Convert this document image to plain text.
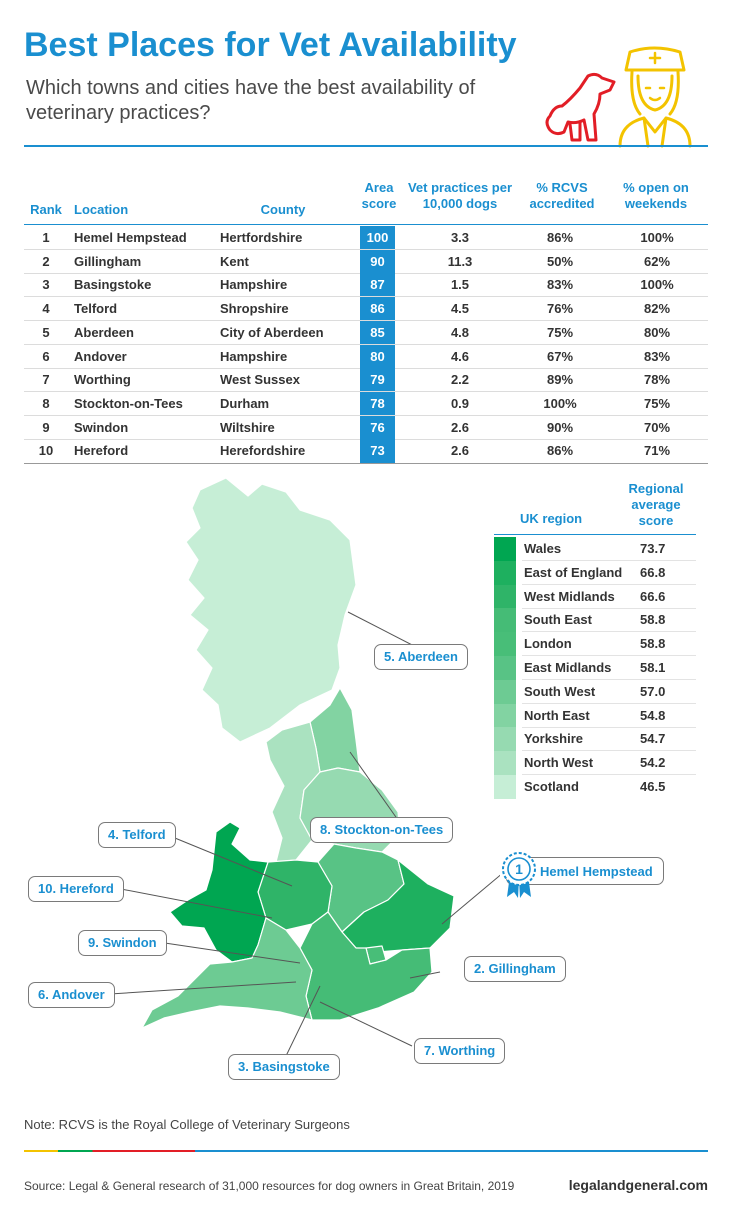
Best Places for Vet Availability
Which towns and cities have the best availability of veterinary practices?
Rank Location	County
Area score
Vet practices per 10,000 dogs
% RCVS accredited
% open on weekends
1	Hemel Hempstead	Hertfordshire	100	3.3	86%	100%
2	Gillingham	Kent	90	11.3	50%	62%
3	Basingstoke	Hampshire	87	1.5	83%	100%
4	Telford	Shropshire	86	4.5	76%	82%
5	Aberdeen	City of Aberdeen	85	4.8	75%	80%
6	Andover	Hampshire	80	4.6	67%	83%
7	Worthing	West Sussex	79	2.2	89%	78%
8	Stockton-on-Tees	Durham	78	0.9	100%	75%
9	Swindon	Wiltshire	76	2.6	90%	70%
10	Hereford	Herefordshire	73	2.6	86%	71%
UK region
Regional average score
Wales	73.7
East of England 66.8
West Midlands 66.6
South East	58.8
London	58.8
East Midlands 58.1
South West	57.0
North East	54.8
Yorkshire	54.7
North West	54.2
Scotland	46.5
5. Aberdeen
4. Telford	8. Stockton-on-Tees
10. Hereford
9. Swindon
6. Andover
2. Gillingham
7. Worthing
3. Basingstoke
1 Hemel Hempstead
Note: RCVS is the Royal College of Veterinary Surgeons
Source: Legal & General research of 31,000 resources for dog owners in Great Britain, 2019	legalandgeneral.com
